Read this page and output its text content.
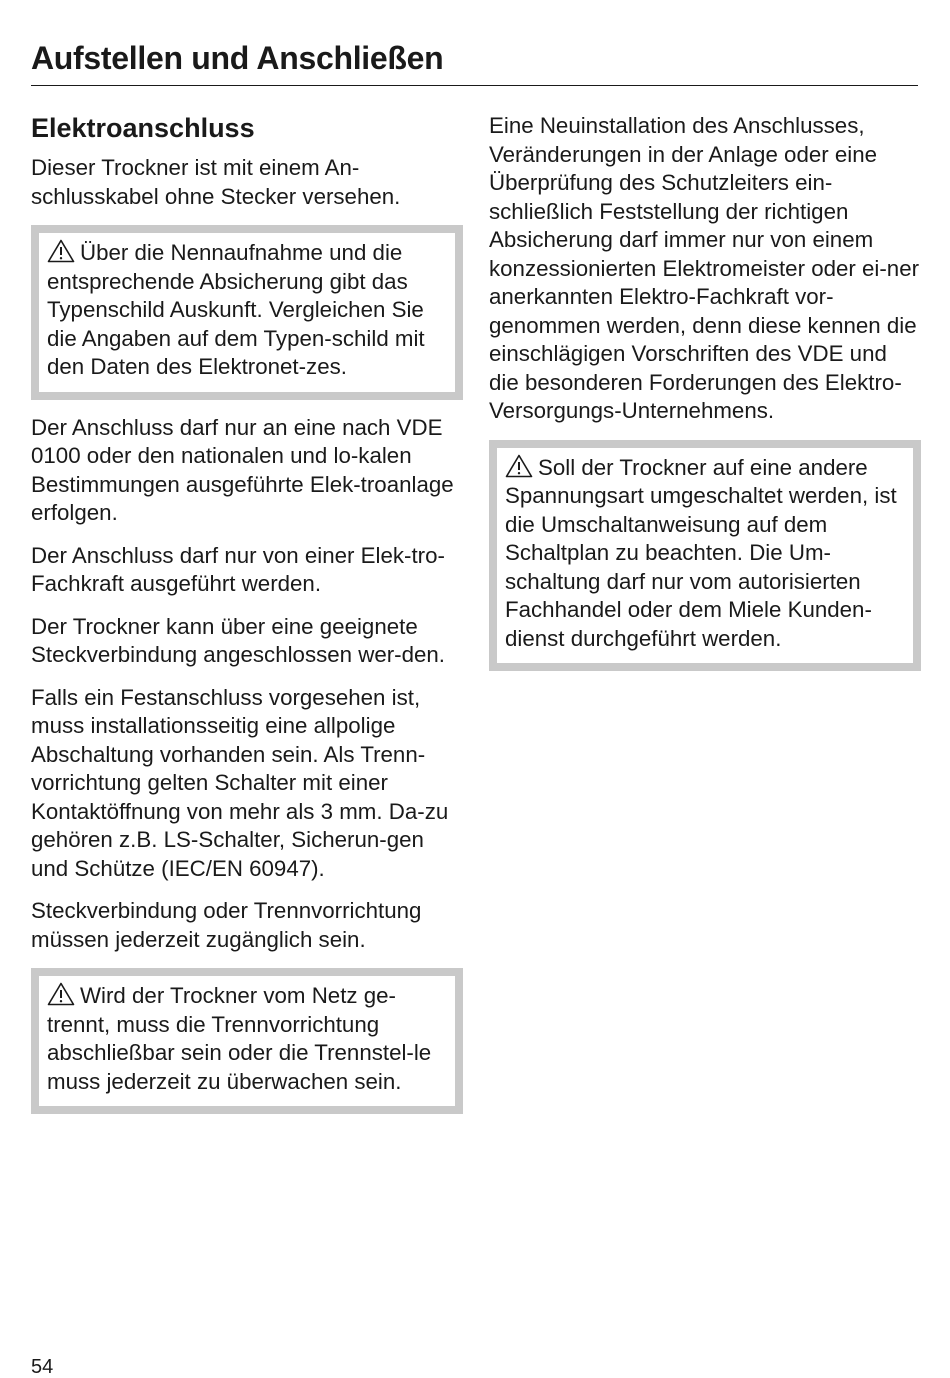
Aufstellen und Anschließen
Elektroanschluss

Dieser Trockner ist mit einem An-schlusskabel ohne Stecker versehen.

Über die Nennaufnahme und die entsprechende Absicherung gibt das Typenschild Auskunft. Vergleichen Sie die Angaben auf dem Typen-schild mit den Daten des Elektronet-zes.

Der Anschluss darf nur an eine nach VDE 0100 oder den nationalen und lo-kalen Bestimmungen ausgeführte Elek-troanlage erfolgen.

Der Anschluss darf nur von einer Elek-tro-Fachkraft ausgeführt werden.

Der Trockner kann über eine geeignete Steckverbindung angeschlossen wer-den.

Falls ein Festanschluss vorgesehen ist, muss installationsseitig eine allpolige Abschaltung vorhanden sein. Als Trenn-vorrichtung gelten Schalter mit einer Kontaktöffnung von mehr als 3 mm. Da-zu gehören z.B. LS-Schalter, Sicherun-gen und Schütze (IEC/EN 60947).

Steckverbindung oder Trennvorrichtung müssen jederzeit zugänglich sein.

Wird der Trockner vom Netz ge-trennt, muss die Trennvorrichtung abschließbar sein oder die Trennstel-le muss jederzeit zu überwachen sein.

Eine Neuinstallation des Anschlusses, Veränderungen in der Anlage oder eine Überprüfung des Schutzleiters ein-schließlich Feststellung der richtigen Absicherung darf immer nur von einem konzessionierten Elektromeister oder ei-ner anerkannten Elektro-Fachkraft vor-genommen werden, denn diese kennen die einschlägigen Vorschriften des VDE und die besonderen Forderungen des Elektro-Versorgungs-Unternehmens.

Soll der Trockner auf eine andere Spannungsart umgeschaltet werden, ist die Umschaltanweisung auf dem Schaltplan zu beachten. Die Um-schaltung darf nur vom autorisierten Fachhandel oder dem Miele Kunden-dienst durchgeführt werden.
54
